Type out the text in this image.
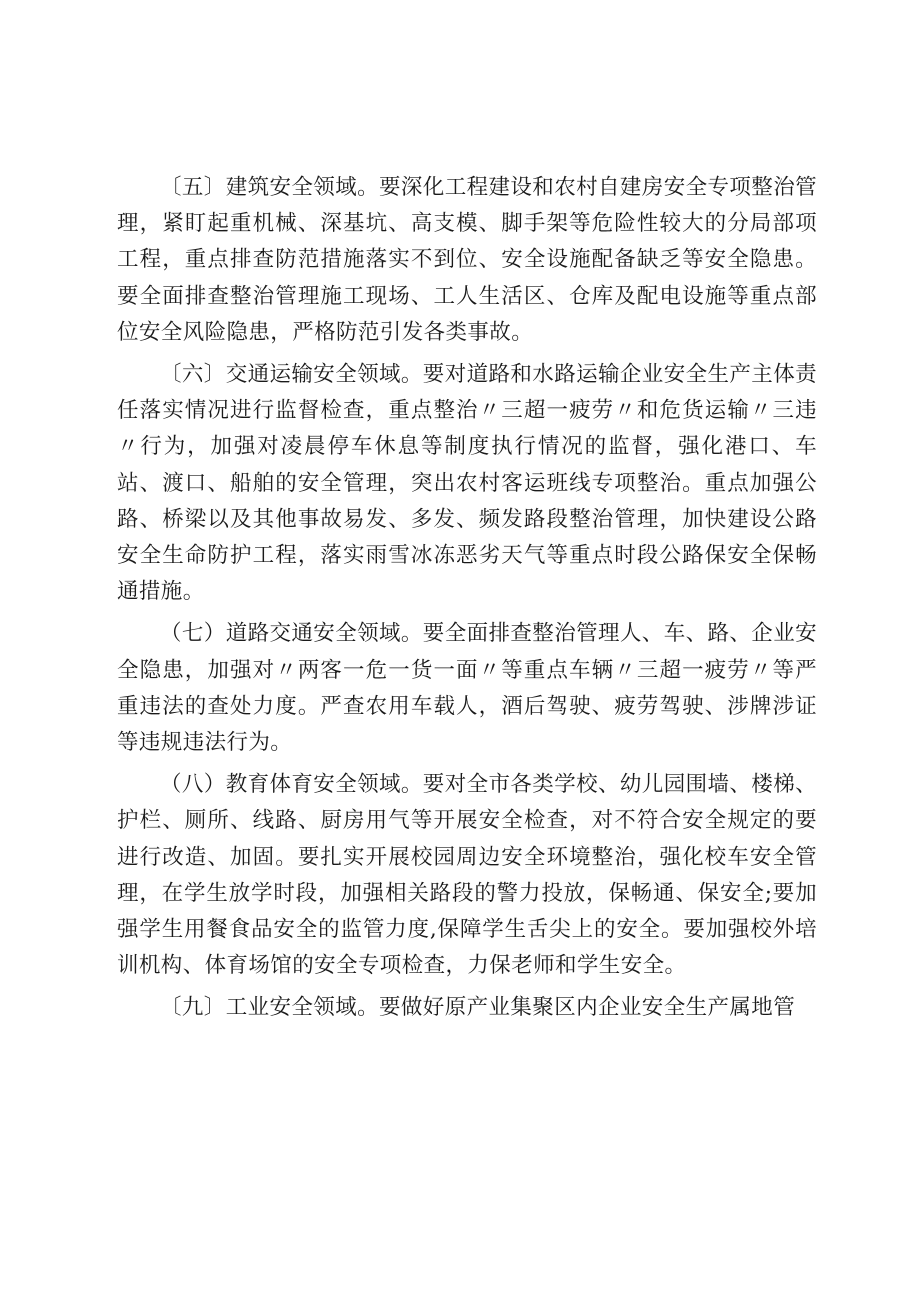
〔五〕建筑安全领域。要深化工程建设和农村自建房安全专项整治管理，紧盯起重机械、深基坑、高支模、脚手架等危险性较大的分局部项工程，重点排查防范措施落实不到位、安全设施配备缺乏等安全隐患。要全面排查整治管理施工现场、工人生活区、仓库及配电设施等重点部位安全风险隐患，严格防范引发各类事故。

〔六〕交通运输安全领域。要对道路和水路运输企业安全生产主体责任落实情况进行监督检查，重点整治〃三超一疲劳〃和危货运输〃三违〃行为，加强对凌晨停车休息等制度执行情况的监督，强化港口、车站、渡口、船舶的安全管理，突出农村客运班线专项整治。重点加强公路、桥梁以及其他事故易发、多发、频发路段整治管理，加快建设公路安全生命防护工程，落实雨雪冰冻恶劣天气等重点时段公路保安全保畅通措施。

（七）道路交通安全领域。要全面排查整治管理人、车、路、企业安全隐患，加强对〃两客一危一货一面〃等重点车辆〃三超一疲劳〃等严重违法的查处力度。严查农用车载人，酒后驾驶、疲劳驾驶、涉牌涉证等违规违法行为。

（八）教育体育安全领域。要对全市各类学校、幼儿园围墙、楼梯、护栏、厕所、线路、厨房用气等开展安全检查，对不符合安全规定的要进行改造、加固。要扎实开展校园周边安全环境整治，强化校车安全管理，在学生放学时段，加强相关路段的警力投放，保畅通、保安全;要加强学生用餐食品安全的监管力度,保障学生舌尖上的安全。要加强校外培训机构、体育场馆的安全专项检查，力保老师和学生安全。

〔九〕工业安全领域。要做好原产业集聚区内企业安全生产属地管
